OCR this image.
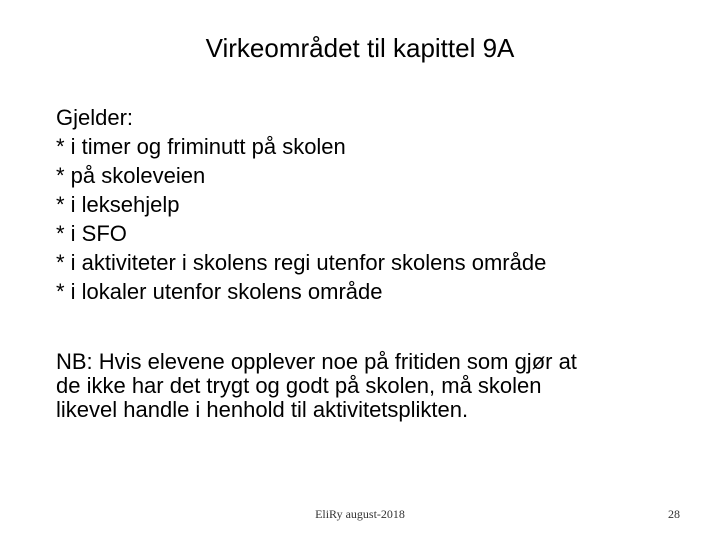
Virkeområdet til kapittel 9A
Gjelder:
* i timer og friminutt på skolen
* på skoleveien
* i leksehjelp
* i SFO
* i aktiviteter i skolens regi utenfor skolens område
* i lokaler utenfor skolens område
NB: Hvis elevene opplever noe på fritiden som gjør at
de ikke har det trygt og godt på skolen, må skolen
likevel handle i henhold til aktivitetsplikten.
EliRy august-2018	28
